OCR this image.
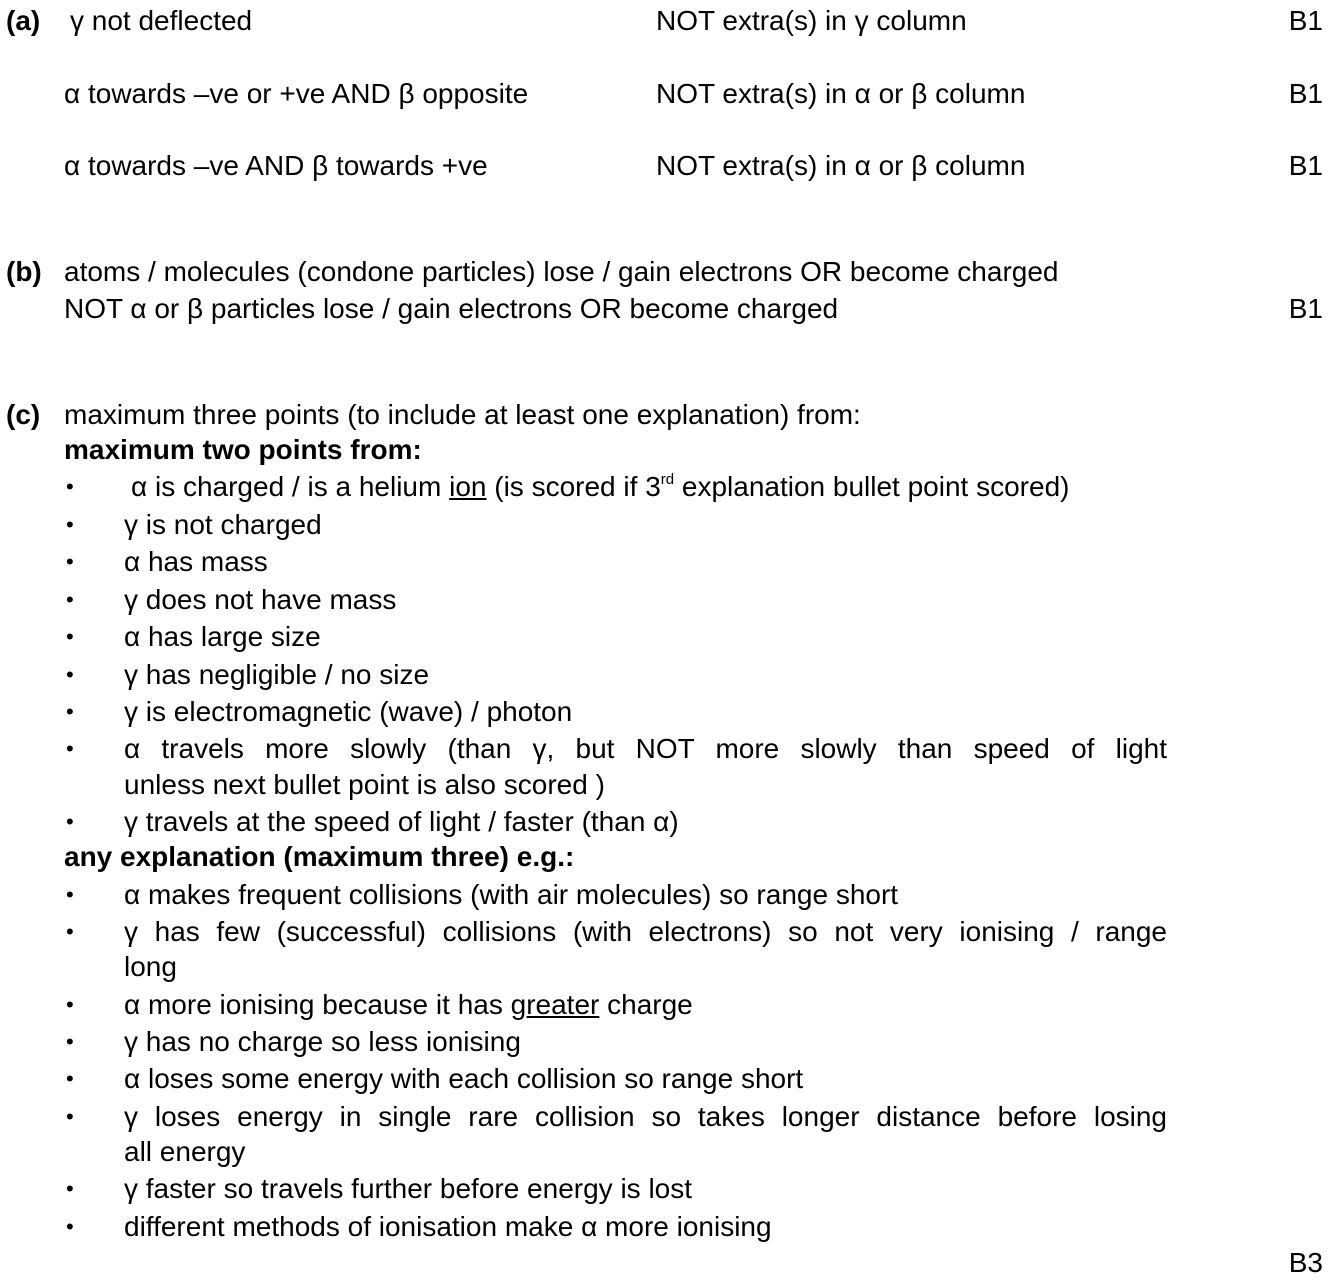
(a) γ not deflected	NOT extra(s) in γ column	B1
α towards –ve or +ve AND β opposite	NOT extra(s) in α or β column	B1
α towards –ve AND β towards +ve	NOT extra(s) in α or β column	B1
(b) atoms / molecules (condone particles) lose / gain electrons OR become charged
NOT α or β particles lose / gain electrons OR become charged	B1
(c) maximum three points (to include at least one explanation) from:
maximum two points from:
• α is charged / is a helium ion (is scored if 3rd explanation bullet point scored)
• γ is not charged
• α has mass
• γ does not have mass
• α has large size
• γ has negligible / no size
• γ is electromagnetic (wave) / photon
• α travels more slowly (than γ, but NOT more slowly than speed of light
unless next bullet point is also scored )
• γ travels at the speed of light / faster (than α)
any explanation (maximum three) e.g.:
• α makes frequent collisions (with air molecules) so range short
• γ has few (successful) collisions (with electrons) so not very ionising / range
long
• α more ionising because it has greater charge
• γ has no charge so less ionising
• α loses some energy with each collision so range short
• γ loses energy in single rare collision so takes longer distance before losing
all energy
• γ faster so travels further before energy is lost
• different methods of ionisation make α more ionising
B3
